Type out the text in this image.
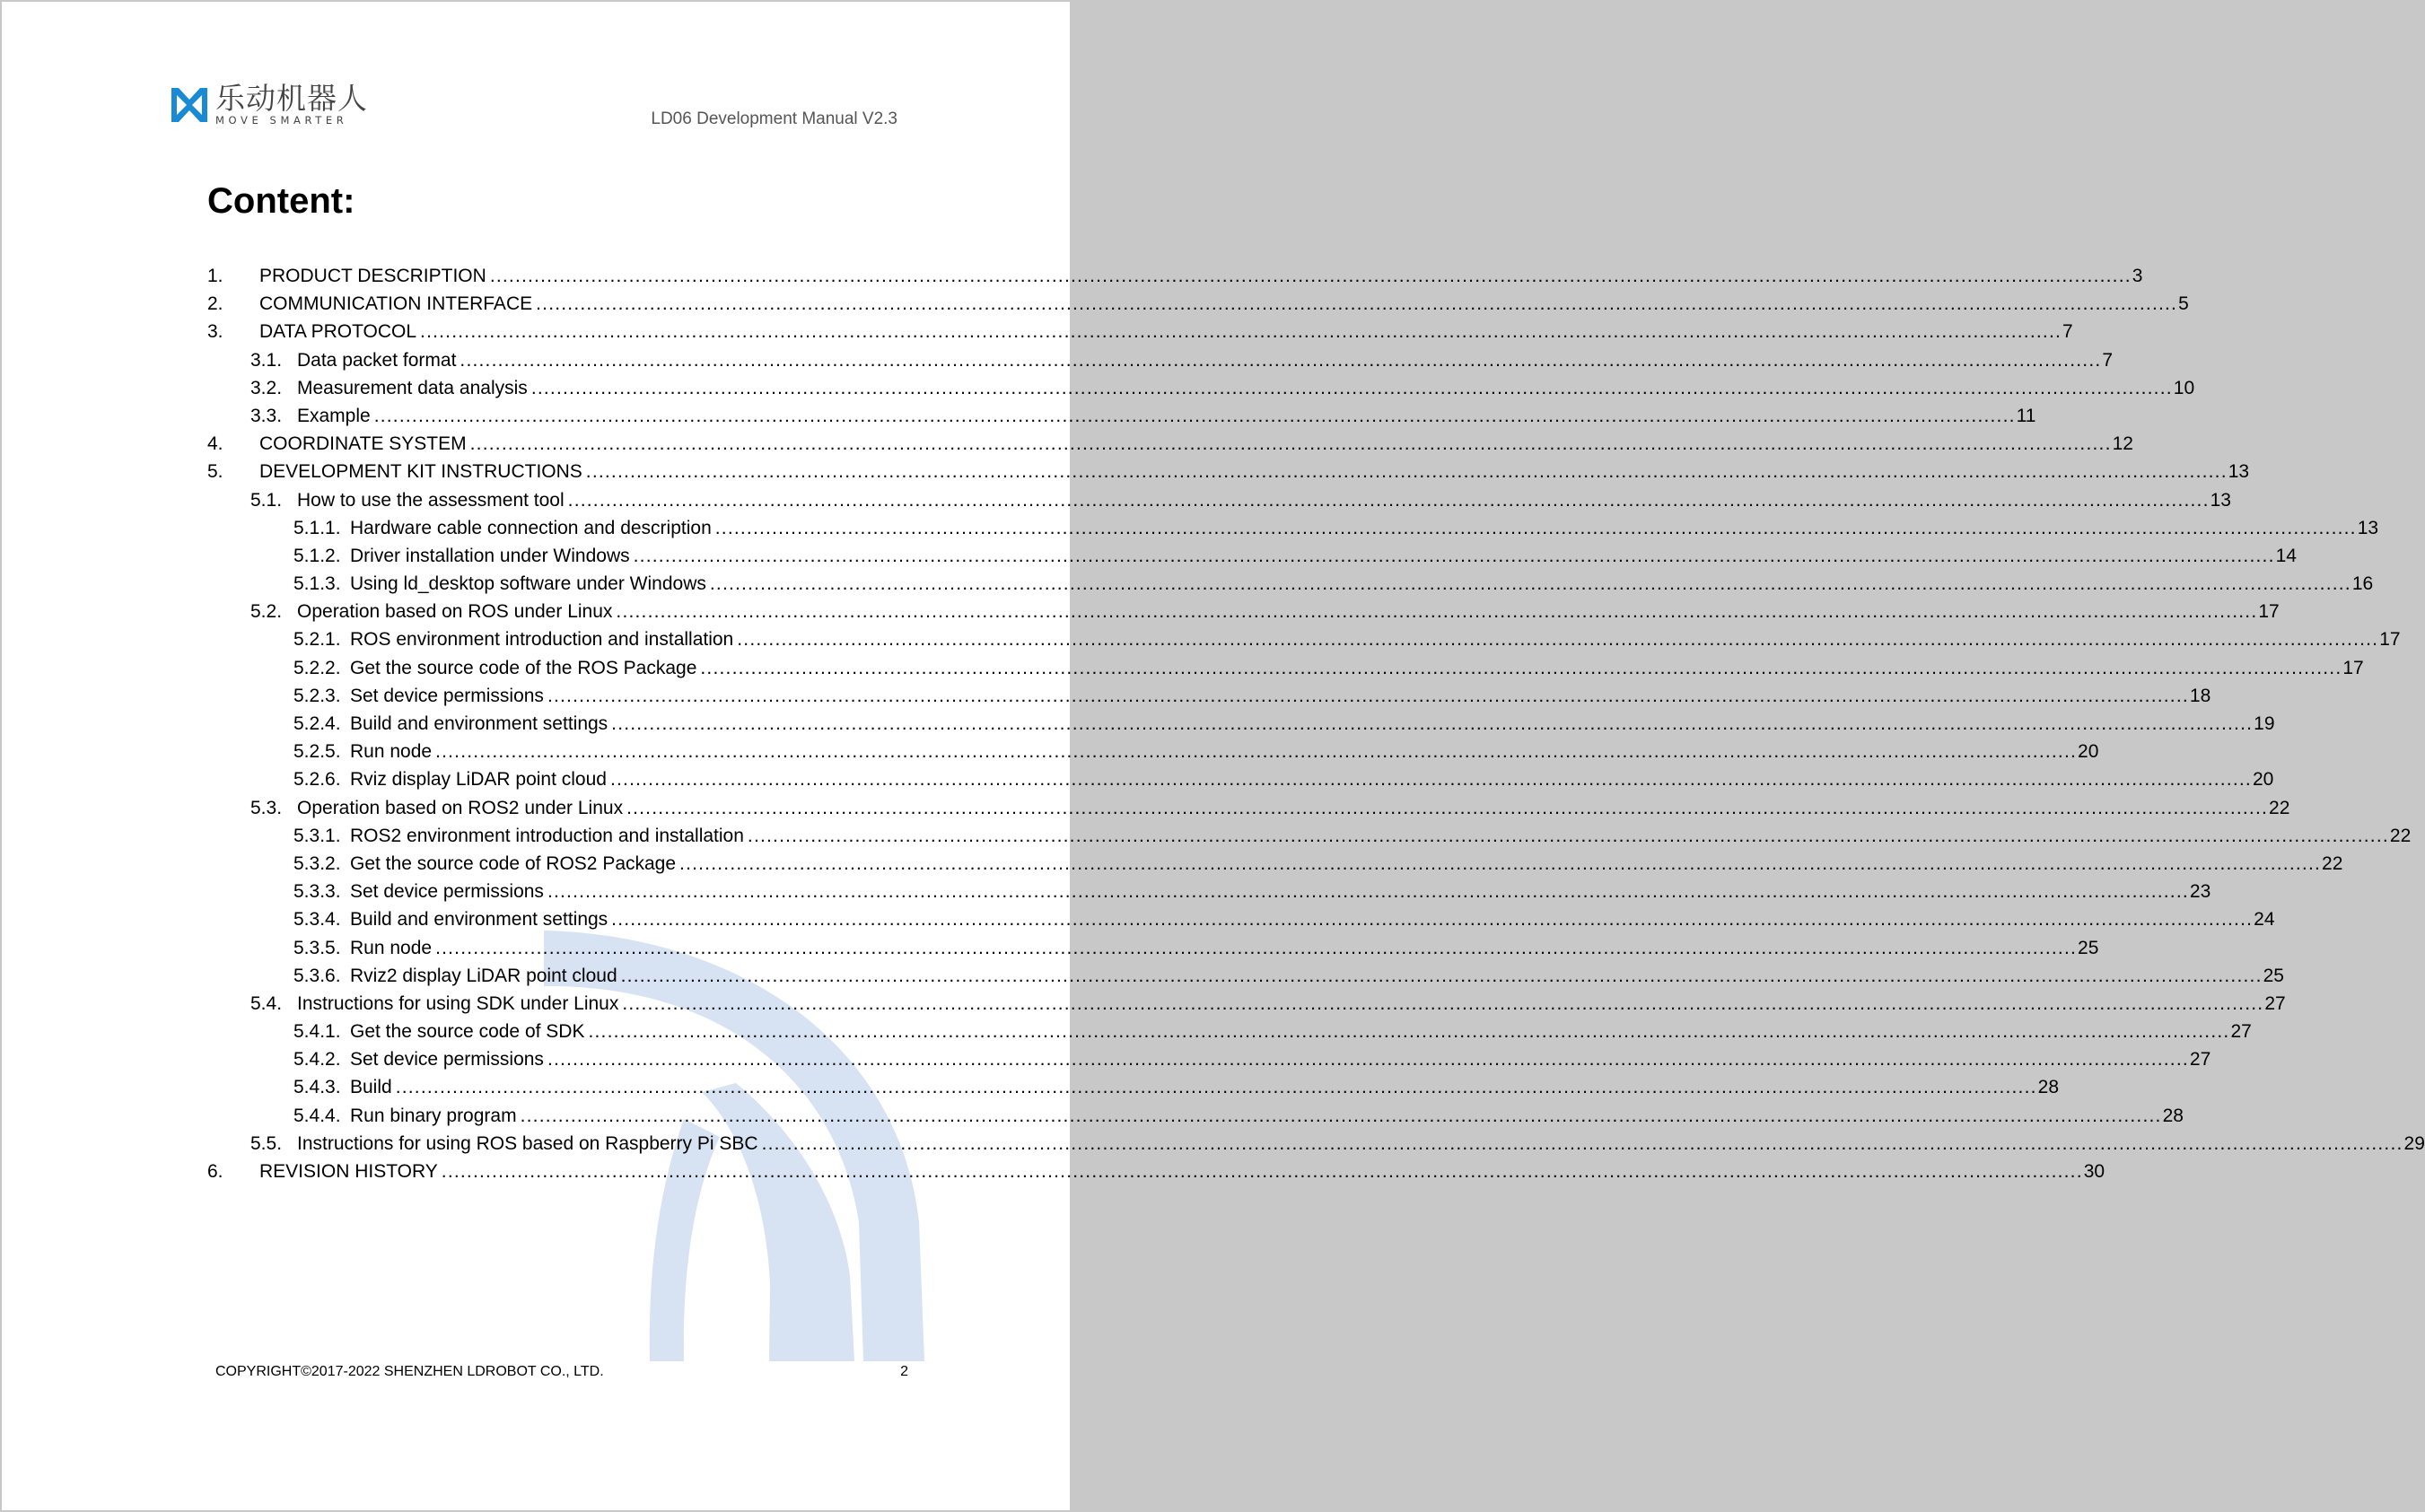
乐动机器人
MOVE SMARTER	LD06 Development Manual V2.3
Content:
1. PRODUCT DESCRIPTION .................................................................................................................................................................................................................................................................... 3
2. COMMUNICATION INTERFACE .................................................................................................................................................................................................................................................................... 5
3. DATA PROTOCOL .................................................................................................................................................................................................................................................................... 7
3.1. Data packet format .................................................................................................................................................................................................................................................................... 7
3.2. Measurement data analysis .................................................................................................................................................................................................................................................................... 10
3.3. Example .................................................................................................................................................................................................................................................................... 11
4. COORDINATE SYSTEM .................................................................................................................................................................................................................................................................... 12
5. DEVELOPMENT KIT INSTRUCTIONS .................................................................................................................................................................................................................................................................... 13
5.1. How to use the assessment tool .................................................................................................................................................................................................................................................................... 13
5.1.1. Hardware cable connection and description .................................................................................................................................................................................................................................................................... 13
5.1.2. Driver installation under Windows .................................................................................................................................................................................................................................................................... 14
5.1.3. Using ld_desktop software under Windows .................................................................................................................................................................................................................................................................... 16
5.2. Operation based on ROS under Linux .................................................................................................................................................................................................................................................................... 17
5.2.1. ROS environment introduction and installation .................................................................................................................................................................................................................................................................... 17
5.2.2. Get the source code of the ROS Package .................................................................................................................................................................................................................................................................... 17
5.2.3. Set device permissions .................................................................................................................................................................................................................................................................... 18
5.2.4. Build and environment settings .................................................................................................................................................................................................................................................................... 19
5.2.5. Run node .................................................................................................................................................................................................................................................................... 20
5.2.6. Rviz display LiDAR point cloud .................................................................................................................................................................................................................................................................... 20
5.3. Operation based on ROS2 under Linux .................................................................................................................................................................................................................................................................... 22
5.3.1. ROS2 environment introduction and installation .................................................................................................................................................................................................................................................................... 22
5.3.2. Get the source code of ROS2 Package .................................................................................................................................................................................................................................................................... 22
5.3.3. Set device permissions .................................................................................................................................................................................................................................................................... 23
5.3.4. Build and environment settings .................................................................................................................................................................................................................................................................... 24
5.3.5. Run node .................................................................................................................................................................................................................................................................... 25
5.3.6. Rviz2 display LiDAR point cloud .................................................................................................................................................................................................................................................................... 25
5.4. Instructions for using SDK under Linux .................................................................................................................................................................................................................................................................... 27
5.4.1. Get the source code of SDK .................................................................................................................................................................................................................................................................... 27
5.4.2. Set device permissions .................................................................................................................................................................................................................................................................... 27
5.4.3. Build .................................................................................................................................................................................................................................................................... 28
5.4.4. Run binary program .................................................................................................................................................................................................................................................................... 28
5.5. Instructions for using ROS based on Raspberry Pi SBC .................................................................................................................................................................................................................................................................... 29
6. REVISION HISTORY .................................................................................................................................................................................................................................................................... 30
COPYRIGHT©2017-2022 SHENZHEN LDROBOT CO., LTD.	2
